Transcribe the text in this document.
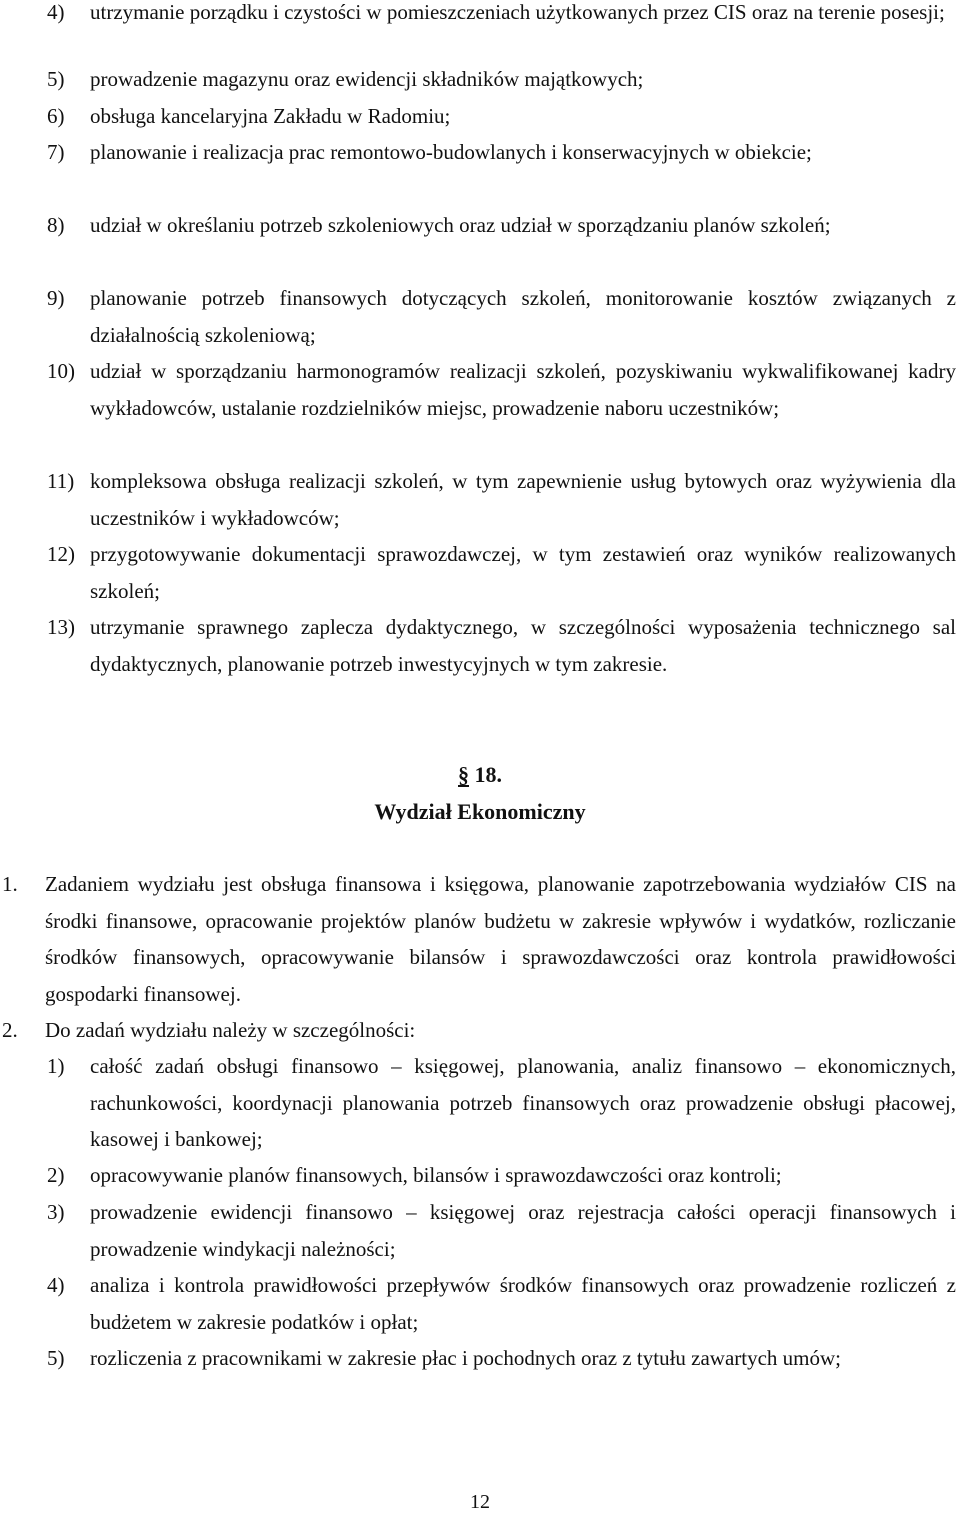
4) utrzymanie porządku i czystości w pomieszczeniach użytkowanych przez CIS oraz na terenie posesji;
5) prowadzenie magazynu oraz ewidencji składników majątkowych;
6) obsługa kancelaryjna Zakładu w Radomiu;
7) planowanie i realizacja prac remontowo-budowlanych i konserwacyjnych w obiekcie;
8) udział w określaniu potrzeb szkoleniowych oraz udział w sporządzaniu planów szkoleń;
9) planowanie potrzeb finansowych dotyczących szkoleń, monitorowanie kosztów związanych z działalnością szkoleniową;
10) udział w sporządzaniu harmonogramów realizacji szkoleń, pozyskiwaniu wykwalifikowanej kadry wykładowców, ustalanie rozdzielników miejsc, prowadzenie naboru uczestników;
11) kompleksowa obsługa realizacji szkoleń, w tym zapewnienie usług bytowych oraz wyżywienia dla uczestników i wykładowców;
12) przygotowywanie dokumentacji sprawozdawczej, w tym zestawień oraz wyników realizowanych szkoleń;
13) utrzymanie sprawnego zaplecza dydaktycznego, w szczególności wyposażenia technicznego sal dydaktycznych, planowanie potrzeb inwestycyjnych w tym zakresie.
§ 18.
Wydział Ekonomiczny
1. Zadaniem wydziału jest obsługa finansowa i księgowa, planowanie zapotrzebowania wydziałów CIS na środki finansowe, opracowanie projektów planów budżetu w zakresie wpływów i wydatków, rozliczanie środków finansowych, opracowywanie bilansów i sprawozdawczości oraz kontrola prawidłowości gospodarki finansowej.
2. Do zadań wydziału należy w szczególności:
1) całość zadań obsługi finansowo – księgowej, planowania, analiz finansowo – ekonomicznych, rachunkowości, koordynacji planowania potrzeb finansowych oraz prowadzenie obsługi płacowej, kasowej i bankowej;
2) opracowywanie planów finansowych, bilansów i sprawozdawczości oraz kontroli;
3) prowadzenie ewidencji finansowo – księgowej oraz rejestracja całości operacji finansowych i prowadzenie windykacji należności;
4) analiza i kontrola prawidłowości przepływów środków finansowych oraz prowadzenie rozliczeń z budżetem w zakresie podatków i opłat;
5) rozliczenia z pracownikami w zakresie płac i pochodnych oraz z tytułu zawartych umów;
12
